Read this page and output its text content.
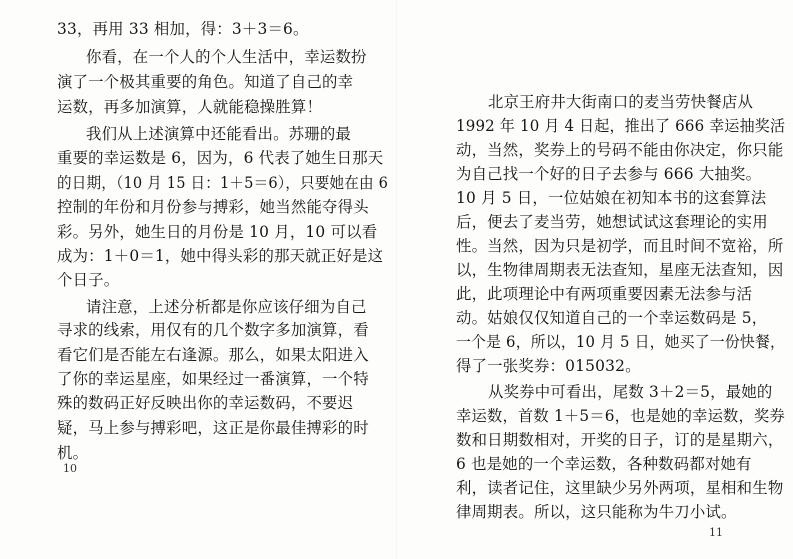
33，再用 33 相加，得：3＋3＝6。
你看，在一个人的个人生活中，幸运数扮
演了一个极其重要的角色。知道了自己的幸
运数，再多加演算，人就能稳操胜算！
我们从上述演算中还能看出。苏珊的最
重要的幸运数是 6，因为，6 代表了她生日那天
的日期，（10 月 15 日：1＋5＝6），只要她在由 6
控制的年份和月份参与搏彩，她当然能夺得头
彩。另外，她生日的月份是 10 月，10 可以看
成为：1＋0＝1，她中得头彩的那天就正好是这
个日子。
请注意，上述分析都是你应该仔细为自己
寻求的线索，用仅有的几个数字多加演算，看
看它们是否能左右逢源。那么，如果太阳进入
了你的幸运星座，如果经过一番演算，一个特
殊的数码正好反映出你的幸运数码，不要迟
疑，马上参与搏彩吧，这正是你最佳搏彩的时
机。
10
北京王府井大街南口的麦当劳快餐店从
1992 年 10 月 4 日起，推出了 666 幸运抽奖活
动，当然，奖券上的号码不能由你决定，你只能
为自己找一个好的日子去参与 666 大抽奖。
10 月 5 日，一位姑娘在初知本书的这套算法
后，便去了麦当劳，她想试试这套理论的实用
性。当然，因为只是初学，而且时间不宽裕，所
以，生物律周期表无法查知，星座无法查知，因
此，此项理论中有两项重要因素无法参与活
动。姑娘仅仅知道自己的一个幸运数码是 5，
一个是 6，所以，10 月 5 日，她买了一份快餐，
得了一张奖券：015032。
从奖券中可看出，尾数 3＋2＝5，最她的
幸运数，首数 1＋5＝6，也是她的幸运数，奖券
数和日期数相对，开奖的日子，订的是星期六，
6 也是她的一个幸运数，各种数码都对她有
利，读者记住，这里缺少另外两项，星相和生物
律周期表。所以，这只能称为牛刀小试。
11
